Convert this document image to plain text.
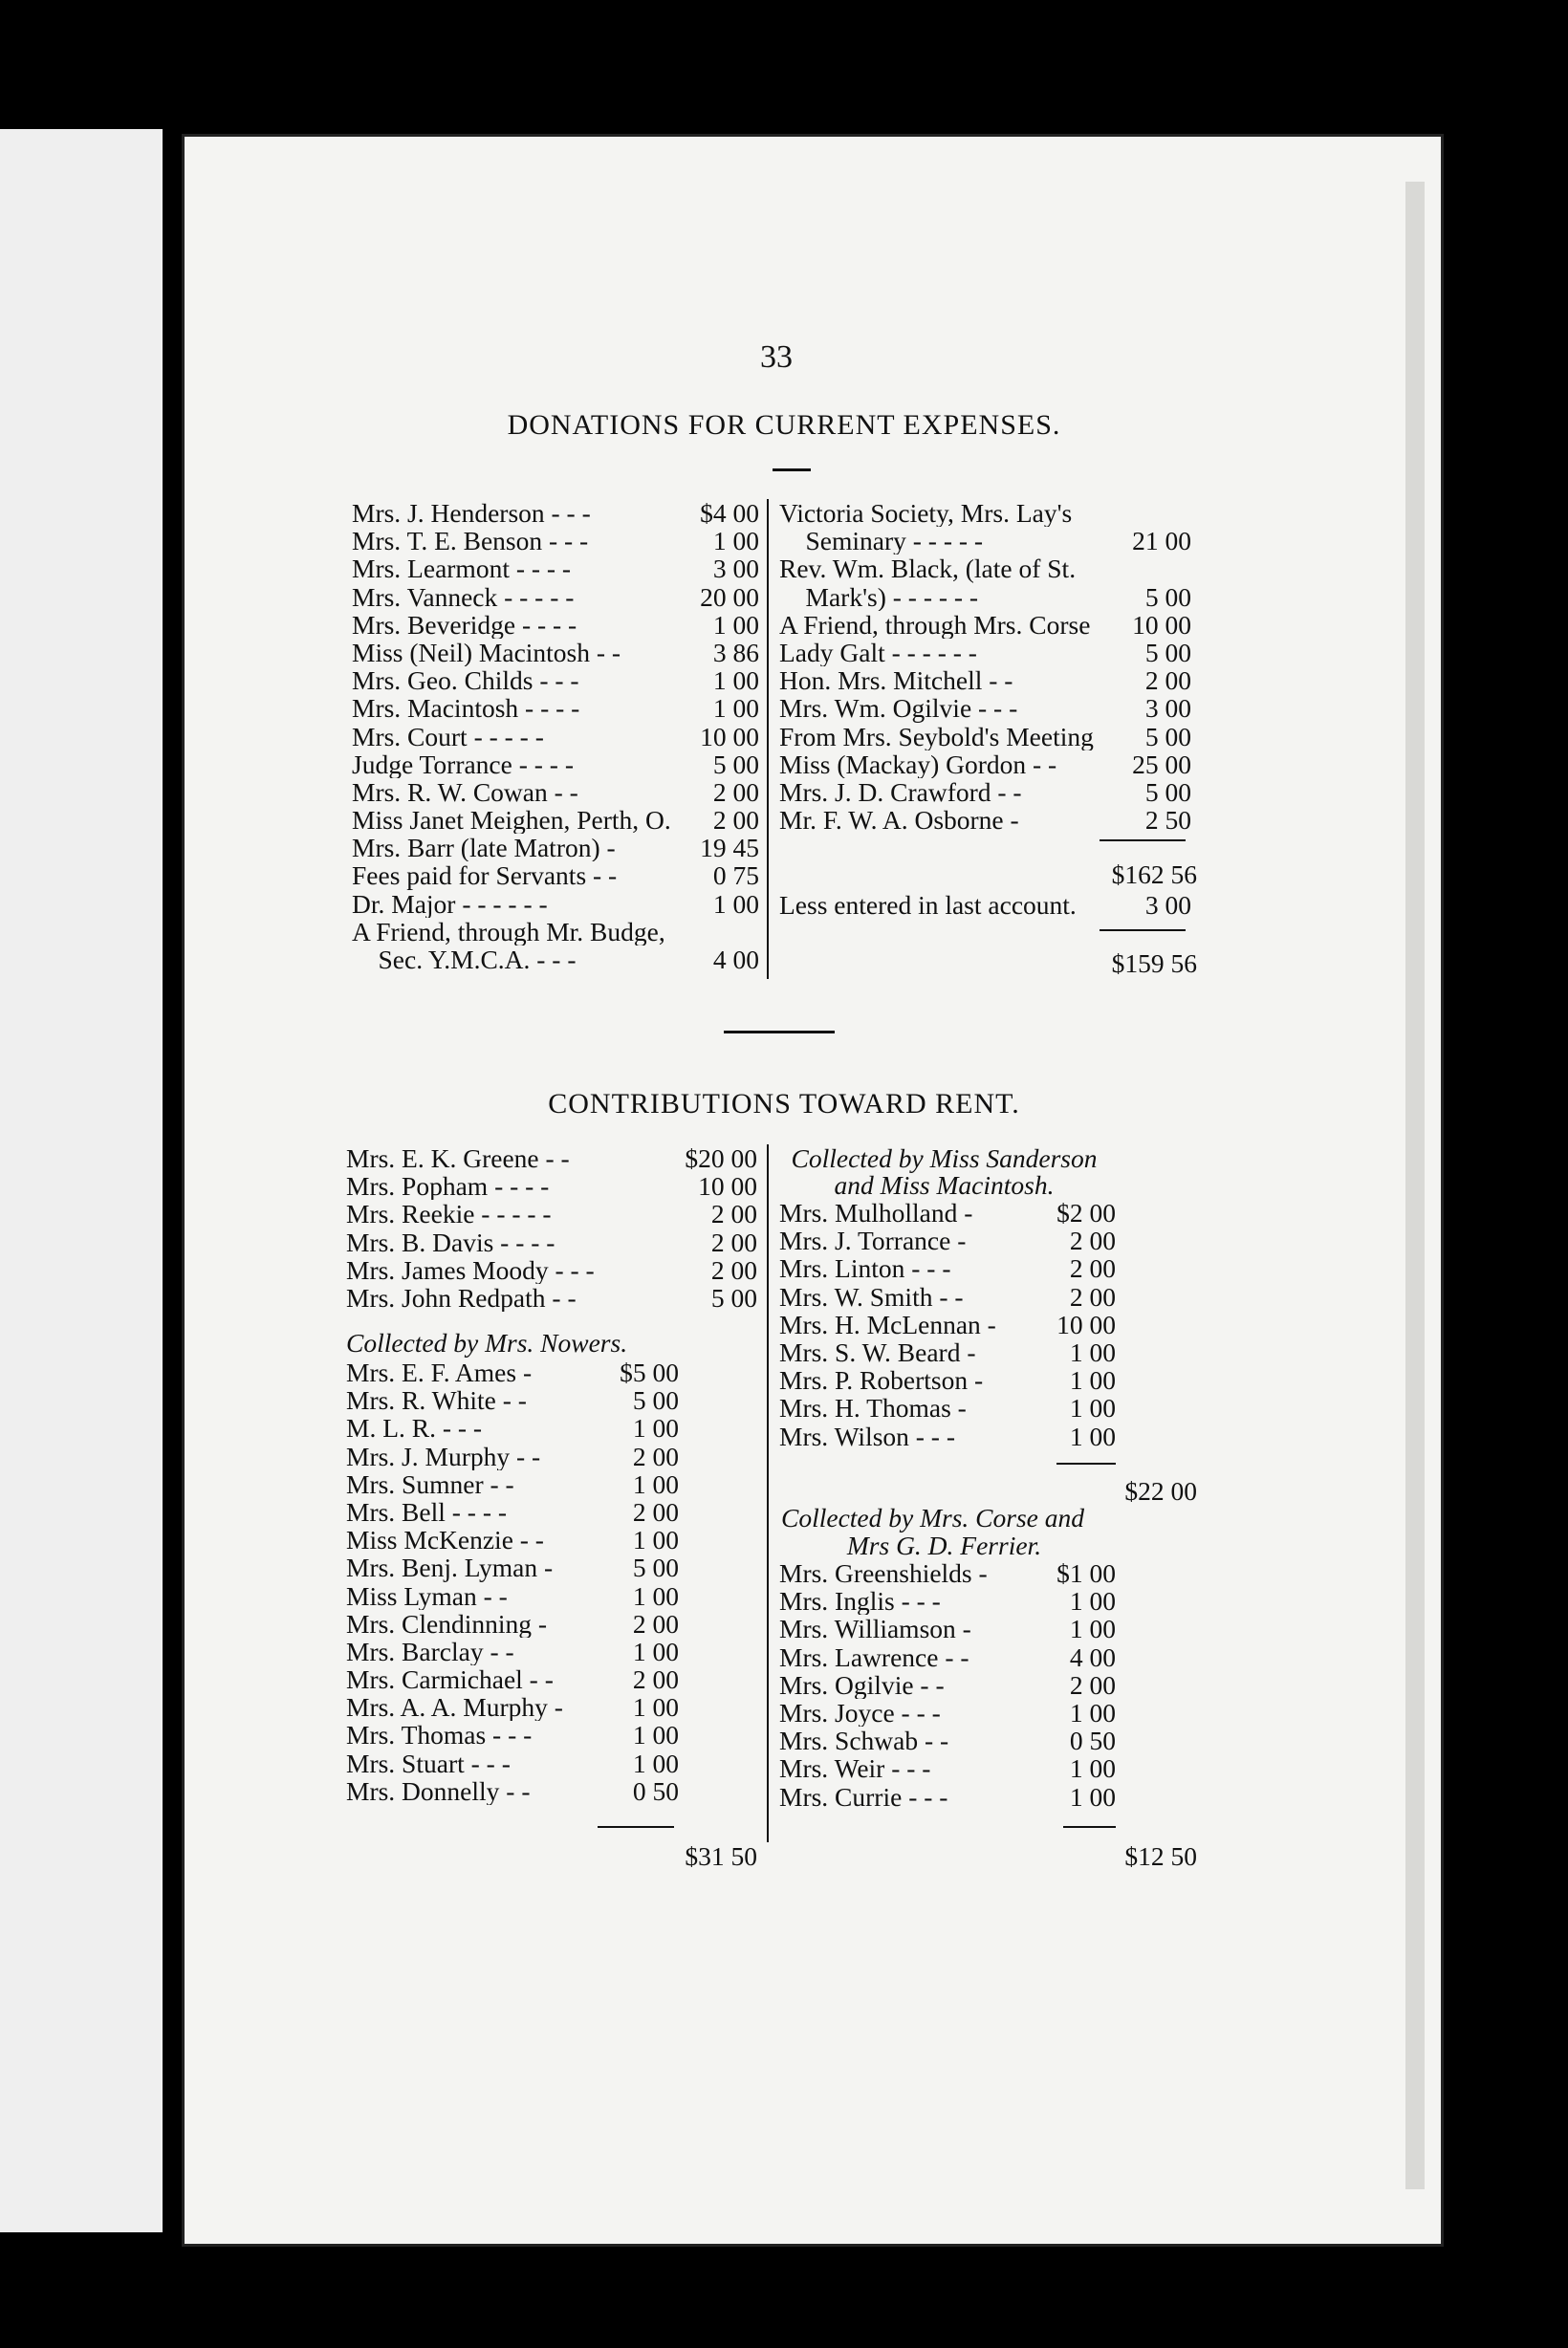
33
DONATIONS FOR CURRENT EXPENSES.
Mrs. J. Henderson - - -	$4 00
Mrs. T. E. Benson - - -	1 00
Mrs. Learmont - - - -	3 00
Mrs. Vanneck - - - - -	20 00
Mrs. Beveridge - - - -	1 00
Miss (Neil) Macintosh - -	3 86
Mrs. Geo. Childs - - -	1 00
Mrs. Macintosh - - - -	1 00
Mrs. Court - - - - -	10 00
Judge Torrance - - - -	5 00
Mrs. R. W. Cowan - -	2 00
Miss Janet Meighen, Perth, O.	2 00
Mrs. Barr (late Matron) -	19 45
Fees paid for Servants - -	0 75
Dr. Major - - - - - -	1 00
A Friend, through Mr. Budge,
Sec. Y.M.C.A. - - -	4 00
Victoria Society, Mrs. Lay's
Seminary - - - - -	21 00
Rev. Wm. Black, (late of St.
Mark's) - - - - - -	5 00
A Friend, through Mrs. Corse	10 00
Lady Galt - - - - - -	5 00
Hon. Mrs. Mitchell - -	2 00
Mrs. Wm. Ogilvie - - -	3 00
From Mrs. Seybold's Meeting	5 00
Miss (Mackay) Gordon - -	25 00
Mrs. J. D. Crawford - -	5 00
Mr. F. W. A. Osborne -	2 50
$162 56
Less entered in last account.	3 00
$159 56
CONTRIBUTIONS TOWARD RENT.
Mrs. E. K. Greene - -	$20 00
Mrs. Popham - - - -	10 00
Mrs. Reekie - - - - -	2 00
Mrs. B. Davis - - - -	2 00
Mrs. James Moody - - -	2 00
Mrs. John Redpath - -	5 00
Collected by Mrs. Nowers.
Mrs. E. F. Ames -	$5 00
Mrs. R. White - -	5 00
M. L. R. - - -	1 00
Mrs. J. Murphy - -	2 00
Mrs. Sumner - -	1 00
Mrs. Bell - - - -	2 00
Miss McKenzie - -	1 00
Mrs. Benj. Lyman -	5 00
Miss Lyman - -	1 00
Mrs. Clendinning -	2 00
Mrs. Barclay - -	1 00
Mrs. Carmichael - -	2 00
Mrs. A. A. Murphy -	1 00
Mrs. Thomas - - -	1 00
Mrs. Stuart - - -	1 00
Mrs. Donnelly - -	0 50
$31 50
Collected by Miss Sanderson
and Miss Macintosh.
Mrs. Mulholland -	$2 00
Mrs. J. Torrance -	2 00
Mrs. Linton - - -	2 00
Mrs. W. Smith - -	2 00
Mrs. H. McLennan -	10 00
Mrs. S. W. Beard -	1 00
Mrs. P. Robertson -	1 00
Mrs. H. Thomas -	1 00
Mrs. Wilson - - -	1 00
$22 00
Collected by Mrs. Corse and
Mrs G. D. Ferrier.
Mrs. Greenshields -	$1 00
Mrs. Inglis - - -	1 00
Mrs. Williamson -	1 00
Mrs. Lawrence - -	4 00
Mrs. Ogilvie - -	2 00
Mrs. Joyce - - -	1 00
Mrs. Schwab - -	0 50
Mrs. Weir - - -	1 00
Mrs. Currie - - -	1 00
$12 50
